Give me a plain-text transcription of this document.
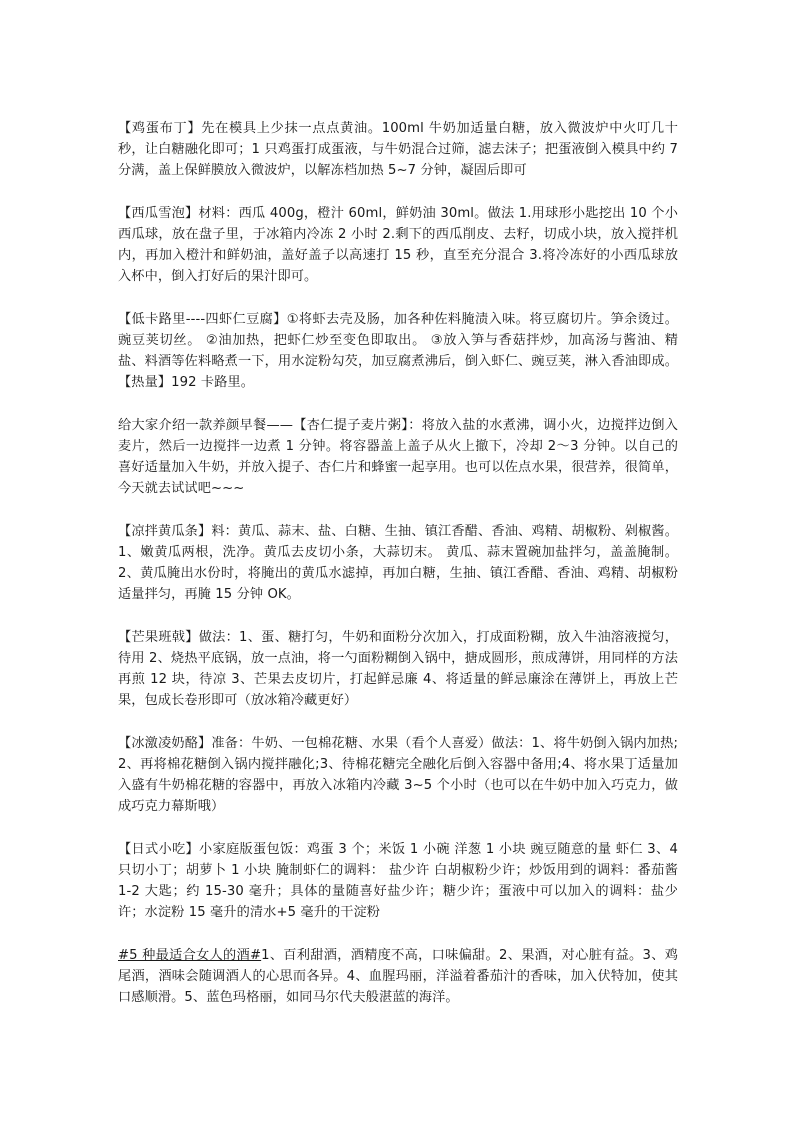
【鸡蛋布丁】先在模具上少抹一点点黄油。100ml 牛奶加适量白糖，放入微波炉中火叮几十秒，让白糖融化即可；1 只鸡蛋打成蛋液，与牛奶混合过筛，滤去沫子；把蛋液倒入模具中约 7 分满，盖上保鲜膜放入微波炉，以解冻档加热 5~7 分钟，凝固后即可

【西瓜雪泡】材料：西瓜 400g，橙汁 60ml，鲜奶油 30ml。做法 1.用球形小匙挖出 10 个小西瓜球，放在盘子里，于冰箱内冷冻 2 小时 2.剩下的西瓜削皮、去籽，切成小块，放入搅拌机内，再加入橙汁和鲜奶油，盖好盖子以高速打 15 秒，直至充分混合 3.将冷冻好的小西瓜球放入杯中，倒入打好后的果汁即可。

【低卡路里----四虾仁豆腐】①将虾去壳及肠，加各种佐料腌渍入味。将豆腐切片。笋余烫过。豌豆荚切丝。 ②油加热，把虾仁炒至变色即取出。 ③放入笋与香菇拌炒，加高汤与酱油、精盐、料酒等佐料略煮一下，用水淀粉勾芡，加豆腐煮沸后，倒入虾仁、豌豆荚，淋入香油即成。 【热量】192 卡路里。

给大家介绍一款养颜早餐——【杏仁提子麦片粥】：将放入盐的水煮沸，调小火，边搅拌边倒入麦片，然后一边搅拌一边煮 1 分钟。将容器盖上盖子从火上撤下，冷却 2～3 分钟。以自己的喜好适量加入牛奶，并放入提子、杏仁片和蜂蜜一起享用。也可以佐点水果，很营养，很简单，今天就去试试吧~~~

【凉拌黄瓜条】料：黄瓜、蒜末、盐、白糖、生抽、镇江香醋、香油、鸡精、胡椒粉、剁椒酱。1、嫩黄瓜两根，洗净。黄瓜去皮切小条，大蒜切末。 黄瓜、蒜末置碗加盐拌匀，盖盖腌制。2、黄瓜腌出水份时，将腌出的黄瓜水滤掉，再加白糖，生抽、镇江香醋、香油、鸡精、胡椒粉适量拌匀，再腌 15 分钟 OK。

【芒果班戟】做法：1、蛋、糖打匀，牛奶和面粉分次加入，打成面粉糊，放入牛油溶液搅匀，待用 2、烧热平底锅，放一点油，将一勺面粉糊倒入锅中，搪成圆形，煎成薄饼，用同样的方法再煎 12 块，待凉 3、芒果去皮切片，打起鲜忌廉 4、将适量的鲜忌廉涂在薄饼上，再放上芒果，包成长卷形即可（放冰箱冷藏更好）

【冰激凌奶酪】准备：牛奶、一包棉花糖、水果（看个人喜爱）做法：1、将牛奶倒入锅内加热;2、再将棉花糖倒入锅内搅拌融化;3、待棉花糖完全融化后倒入容器中备用;4、将水果丁适量加入盛有牛奶棉花糖的容器中，再放入冰箱内冷藏 3~5 个小时（也可以在牛奶中加入巧克力，做成巧克力幕斯哦）

【日式小吃】小家庭版蛋包饭：鸡蛋 3 个；米饭 1 小碗 洋葱 1 小块 豌豆随意的量 虾仁 3、4 只切小丁；胡萝卜 1 小块 腌制虾仁的调料： 盐少许 白胡椒粉少许；炒饭用到的调料：番茄酱 1-2 大匙；约 15-30 毫升；具体的量随喜好盐少许；糖少许；蛋液中可以加入的调料：盐少许；水淀粉 15 毫升的清水+5 毫升的干淀粉

#5 种最适合女人的酒#1、百利甜酒，酒精度不高，口味偏甜。2、果酒，对心脏有益。3、鸡尾酒，酒味会随调酒人的心思而各异。4、血腥玛丽，洋溢着番茄汁的香味，加入伏特加，使其口感顺滑。5、蓝色玛格丽，如同马尔代夫般湛蓝的海洋。
